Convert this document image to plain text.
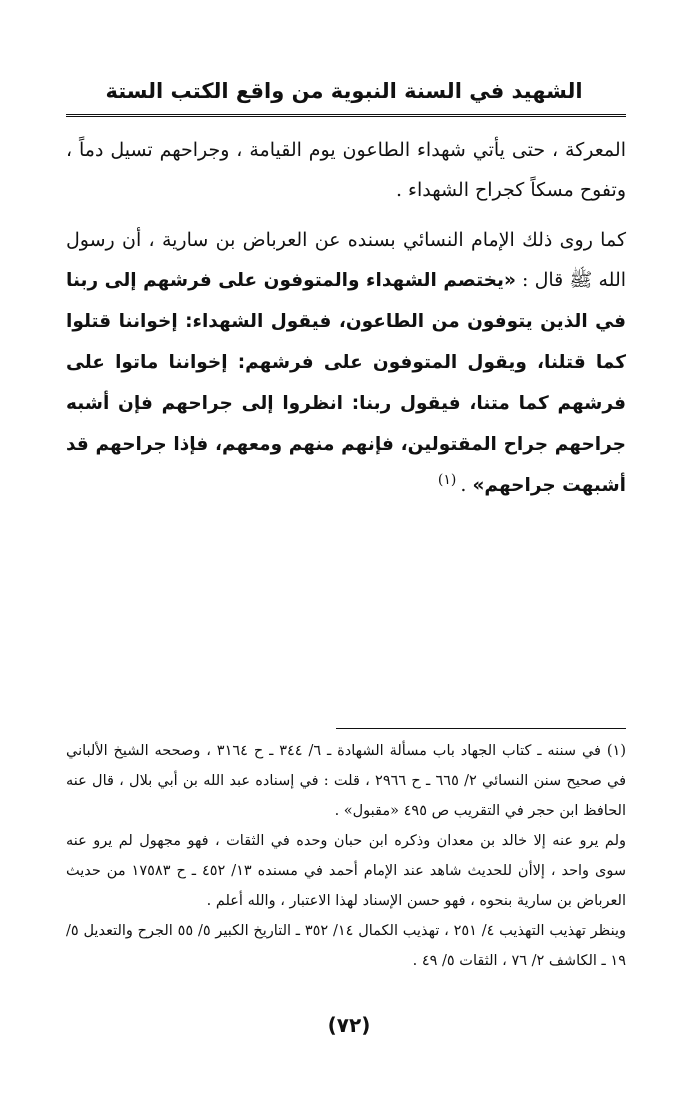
الشهيد في السنة النبوية من واقع الكتب الستة

المعركة ، حتى يأتي شهداء الطاعون يوم القيامة ، وجراحهم تسيل دماً ، وتفوح مسكاً كجراح الشهداء .

كما روى ذلك الإمام النسائي بسنده عن العرباض بن سارية ، أن رسول الله ﷺ قال : «يختصم الشهداء والمتوفون على فرشهم إلى ربنا في الذين يتوفون من الطاعون، فيقول الشهداء: إخواننا قتلوا كما قتلنا، ويقول المتوفون على فرشهم: إخواننا ماتوا على فرشهم كما متنا، فيقول ربنا: انظروا إلى جراحهم فإن أشبه جراحهم جراح المقتولين، فإنهم منهم ومعهم، فإذا جراحهم قد أشبهت جراحهم» .$^{(١)}$

(١) في سننه ـ كتاب الجهاد باب مسألة الشهادة ـ ٦/ ٣٤٤ ـ ح ٣١٦٤ ، وصححه الشيخ الألباني في صحيح سنن النسائي ٢/ ٦٦٥ ـ ح ٢٩٦٦ ، قلت : في إسناده عبد الله بن أبي بلال ، قال عنه الحافظ ابن حجر في التقريب ص ٤٩٥ «مقبول» .

ولم يرو عنه إلا خالد بن معدان وذكره ابن حبان وحده في الثقات ، فهو مجهول لم يرو عنه سوى واحد ، إلاأن للحديث شاهد عند الإمام أحمد في مسنده ١٣/ ٤٥٢ ـ ح ١٧٥٨٣ من حديث العرباض بن سارية بنحوه ، فهو حسن الإسناد لهذا الاعتبار ، والله أعلم .

وينظر تهذيب التهذيب ٤/ ٢٥١ ، تهذيب الكمال ١٤/ ٣٥٢ ـ التاريخ الكبير ٥/ ٥٥ الجرح والتعديل ٥/ ١٩ ـ الكاشف ٢/ ٧٦ ، الثقات ٥/ ٤٩ .

(٧٢)
